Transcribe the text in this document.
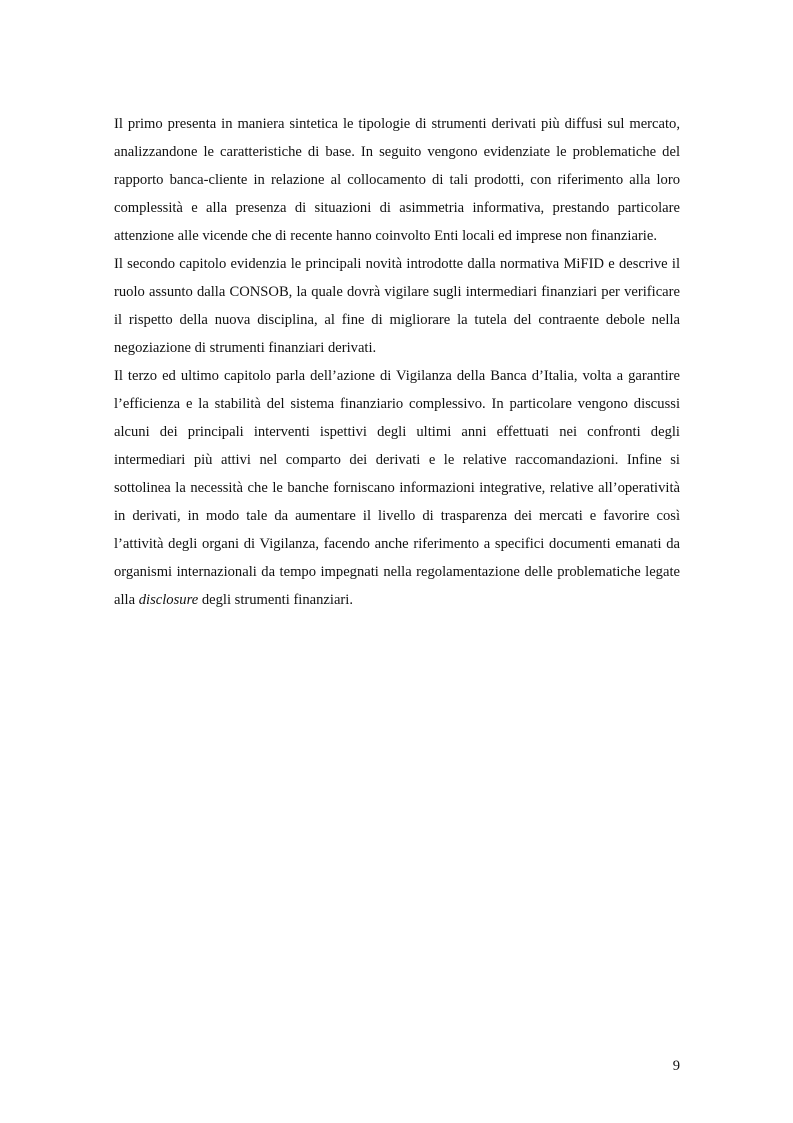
Il primo presenta in maniera sintetica le tipologie di strumenti derivati più diffusi sul mercato, analizzandone le caratteristiche di base. In seguito vengono evidenziate le problematiche del rapporto banca-cliente in relazione al collocamento di tali prodotti, con riferimento alla loro complessità e alla presenza di situazioni di asimmetria informativa, prestando particolare attenzione alle vicende che di recente hanno coinvolto Enti locali ed imprese non finanziarie.

Il secondo capitolo evidenzia le principali novità introdotte dalla normativa MiFID e descrive il ruolo assunto dalla CONSOB, la quale dovrà vigilare sugli intermediari finanziari per verificare il rispetto della nuova disciplina, al fine di migliorare la tutela del contraente debole nella negoziazione di strumenti finanziari derivati.

Il terzo ed ultimo capitolo parla dell’azione di Vigilanza della Banca d’Italia, volta a garantire l’efficienza e la stabilità del sistema finanziario complessivo. In particolare vengono discussi alcuni dei principali interventi ispettivi degli ultimi anni effettuati nei confronti degli intermediari più attivi nel comparto dei derivati e le relative raccomandazioni. Infine si sottolinea la necessità che le banche forniscano informazioni integrative, relative all’operatività in derivati, in modo tale da aumentare il livello di trasparenza dei mercati e favorire così l’attività degli organi di Vigilanza, facendo anche riferimento a specifici documenti emanati da organismi internazionali da tempo impegnati nella regolamentazione delle problematiche legate alla disclosure degli strumenti finanziari.

9
